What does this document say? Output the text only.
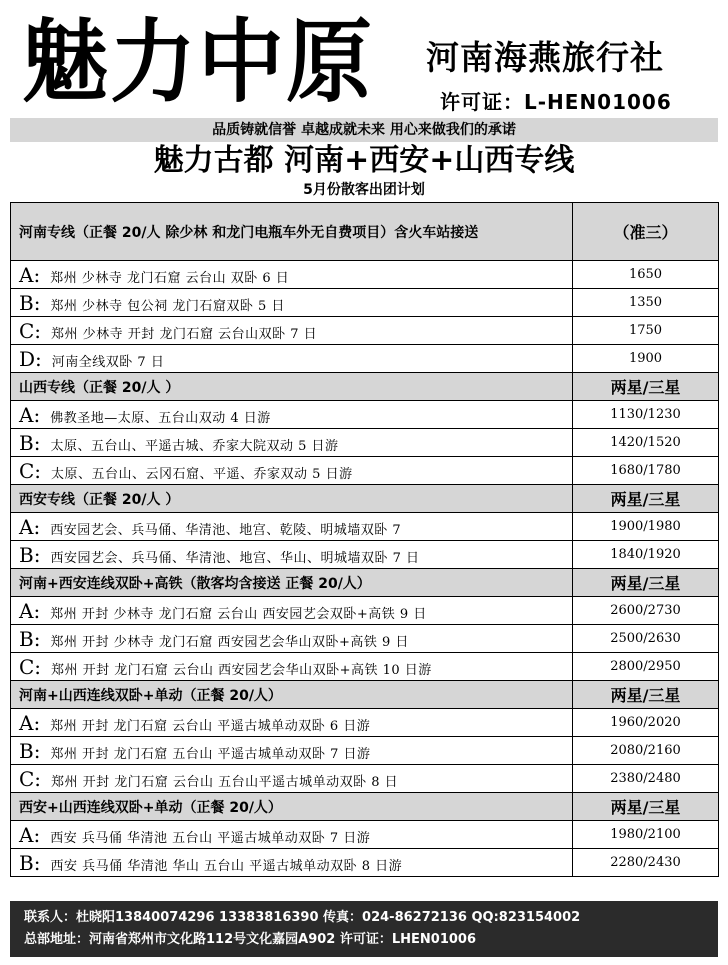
魅力中原 河南海燕旅行社
许可证：L-HEN01006
品质铸就信誉 卓越成就未来 用心来做我们的承诺
魅力古都 河南+西安+山西专线
5月份散客出团计划
河南专线（正餐 20/人 除少林 和龙门电瓶车外无自费项目）含火车站接送	（准三）
A: 郑州 少林寺 龙门石窟 云台山 双卧 6 日	1650
B: 郑州 少林寺 包公祠 龙门石窟双卧 5 日	1350
C: 郑州 少林寺 开封 龙门石窟 云台山双卧 7 日	1750
D: 河南全线双卧 7 日	1900
山西专线（正餐 20/人 ）	两星/三星
A: 佛教圣地—太原、五台山双动 4 日游	1130/1230
B: 太原、五台山、平遥古城、乔家大院双动 5 日游	1420/1520
C: 太原、五台山、云冈石窟、平遥、乔家双动 5 日游	1680/1780
西安专线（正餐 20/人 ）	两星/三星
A: 西安园艺会、兵马俑、华清池、地宫、乾陵、明城墙双卧 7	1900/1980
B: 西安园艺会、兵马俑、华清池、地宫、华山、明城墙双卧 7 日	1840/1920
河南+西安连线双卧+高铁（散客均含接送 正餐 20/人）	两星/三星
A: 郑州 开封 少林寺 龙门石窟 云台山 西安园艺会双卧+高铁 9 日	2600/2730
B: 郑州 开封 少林寺 龙门石窟 西安园艺会华山双卧+高铁 9 日	2500/2630
C: 郑州 开封 龙门石窟 云台山 西安园艺会华山双卧+高铁 10 日游	2800/2950
河南+山西连线双卧+单动（正餐 20/人）	两星/三星
A: 郑州 开封 龙门石窟 云台山 平遥古城单动双卧 6 日游	1960/2020
B: 郑州 开封 龙门石窟 五台山 平遥古城单动双卧 7 日游	2080/2160
C: 郑州 开封 龙门石窟 云台山 五台山平遥古城单动双卧 8 日	2380/2480
西安+山西连线双卧+单动（正餐 20/人）	两星/三星
A: 西安 兵马俑 华清池 五台山 平遥古城单动双卧 7 日游	1980/2100
B: 西安 兵马俑 华清池 华山 五台山 平遥古城单动双卧 8 日游	2280/2430
联系人：杜晓阳13840074296 13383816390 传真：024-86272136 QQ:823154002
总部地址：河南省郑州市文化路112号文化嘉园A902 许可证：LHEN01006
